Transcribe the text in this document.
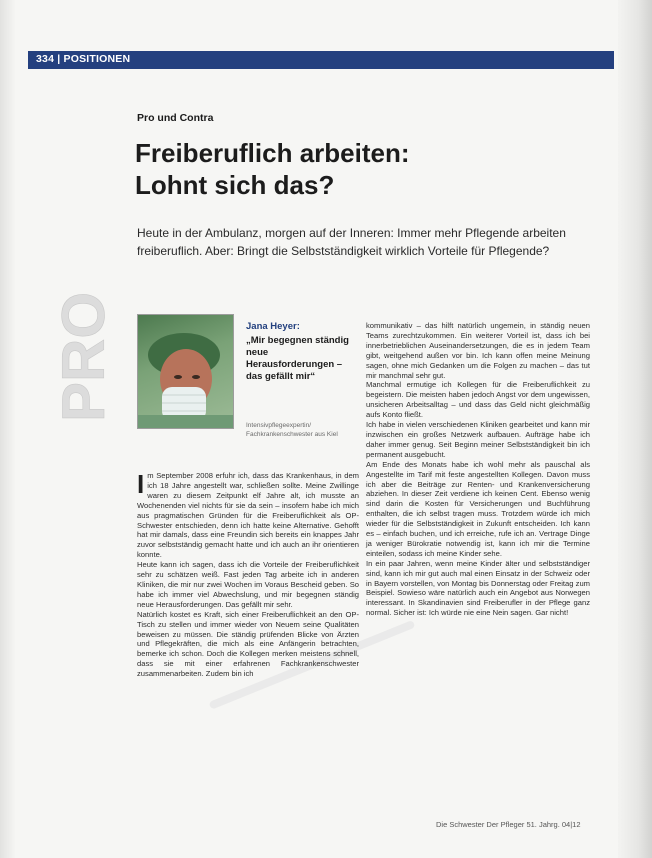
334 | POSITIONEN
Pro und Contra
Freiberuflich arbeiten:
Lohnt sich das?
Heute in der Ambulanz, morgen auf der Inneren: Immer mehr Pflegende arbeiten freiberuflich. Aber: Bringt die Selbstständigkeit wirklich Vorteile für Pflegende?
PRO	Jana Heyer:
„Mir begegnen ständig neue Herausforderungen – das gefällt mir“
Intensivpflegeexpertin/ Fachkrankenschwester aus Kiel

Im September 2008 erfuhr ich, dass das Krankenhaus, in dem ich 18 Jahre angestellt war, schließen sollte. Meine Zwillinge waren zu diesem Zeitpunkt elf Jahre alt, ich musste an Wochenenden viel nichts für sie da sein – insofern habe ich mich aus pragmatischen Gründen für die Freiberuflichkeit als OP-Schwester entschieden, denn ich hatte keine Alternative. Gehofft hat mir damals, dass eine Freundin sich bereits ein knappes Jahr zuvor selbstständig gemacht hatte und ich auch an ihr orientieren konnte.

Heute kann ich sagen, dass ich die Vorteile der Freiberuflichkeit sehr zu schätzen weiß. Fast jeden Tag arbeite ich in anderen Kliniken, die mir nur zwei Wochen im Voraus Bescheid geben. So habe ich immer viel Abwechslung, und mir begegnen ständig neue Herausforderungen. Das gefällt mir sehr.

Natürlich kostet es Kraft, sich einer Freiberuflichkeit an den OP-Tisch zu stellen und immer wieder von Neuem seine Qualitäten beweisen zu müssen. Die ständig prüfenden Blicke von Ärzten und Pflegekräften, die mich als eine Anfängerin betrachten, bemerke ich schon. Doch die Kollegen merken meistens schnell, dass sie mit einer erfahrenen Fachkrankenschwester zusammenarbeiten. Zudem bin ich

kommunikativ – das hilft natürlich ungemein, in ständig neuen Teams zurechtzukommen. Ein weiterer Vorteil ist, dass ich bei innerbetrieblichen Auseinandersetzungen, die es in jedem Team gibt, weitgehend außen vor bin. Ich kann offen meine Meinung sagen, ohne mich Gedanken um die Folgen zu machen – das tut mir manchmal sehr gut.

Manchmal ermutige ich Kollegen für die Freiberuflichkeit zu begeistern. Die meisten haben jedoch Angst vor dem ungewissen, unsicheren Arbeitsalltag – und dass das Geld nicht gleichmäßig aufs Konto fließt.

Ich habe in vielen verschiedenen Kliniken gearbeitet und kann mir inzwischen ein großes Netzwerk aufbauen. Aufträge habe ich daher immer genug. Seit Beginn meiner Selbstständigkeit bin ich permanent ausgebucht.

Am Ende des Monats habe ich wohl mehr als pauschal als Angestellte im Tarif mit feste angestellten Kollegen. Davon muss ich aber die Beiträge zur Renten- und Krankenversicherung abziehen. In dieser Zeit verdiene ich keinen Cent. Ebenso wenig sind darin die Kosten für Versicherungen und Buchführung enthalten, die ich selbst tragen muss. Trotzdem würde ich mich wieder für die Selbstständigkeit in Zukunft entscheiden. Ich kann es – einfach buchen, und ich erreiche, rufe ich an. Vertrage Dinge ja weniger Bürokratie notwendig ist, kann ich mir die Termine einteilen, sodass ich meine Kinder sehe.

In ein paar Jahren, wenn meine Kinder älter und selbstständiger sind, kann ich mir gut auch mal einen Einsatz in der Schweiz oder in Bayern vorstellen, von Montag bis Donnerstag oder Freitag zum Beispiel. Sowieso wäre natürlich auch ein Angebot aus Norwegen interessant. In Skandinavien sind Freiberufler in der Pflege ganz normal. Sicher ist: Ich würde nie eine Nein sagen. Gar nicht!

Die Schwester Der Pfleger 51. Jahrg. 04|12
